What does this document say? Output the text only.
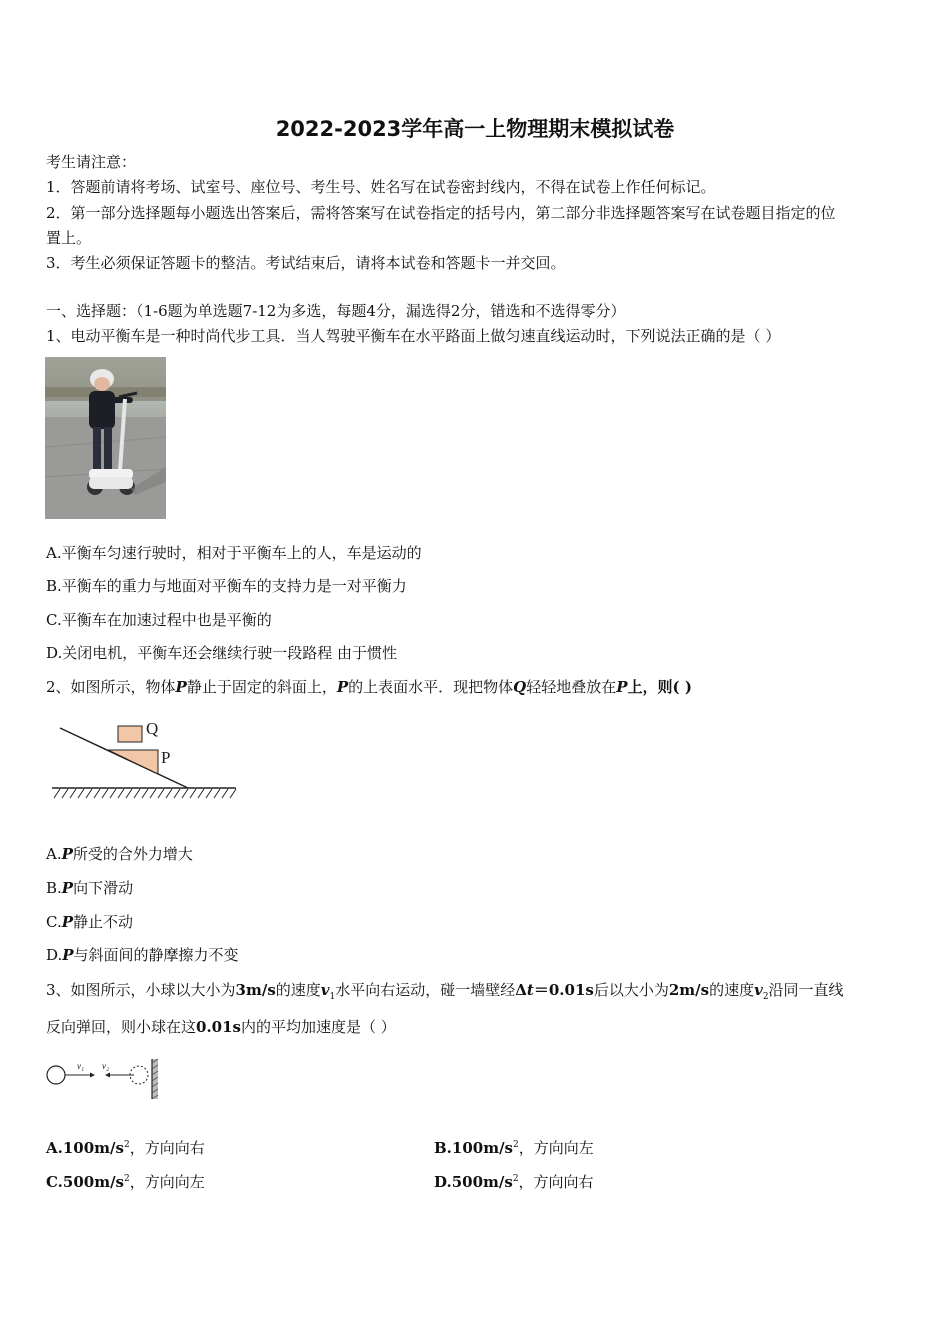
2022-2023学年高一上物理期末模拟试卷
考生请注意：
1．答题前请将考场、试室号、座位号、考生号、姓名写在试卷密封线内，不得在试卷上作任何标记。
2．第一部分选择题每小题选出答案后，需将答案写在试卷指定的括号内，第二部分非选择题答案写在试卷题目指定的位
置上。
3．考生必须保证答题卡的整洁。考试结束后，请将本试卷和答题卡一并交回。
一、选择题：（1-6题为单选题7-12为多选，每题4分，漏选得2分，错选和不选得零分）
1、电动平衡车是一种时尚代步工具．当人驾驶平衡车在水平路面上做匀速直线运动时，下列说法正确的是（ ）
A.平衡车匀速行驶时，相对于平衡车上的人，车是运动的
B.平衡车的重力与地面对平衡车的支持力是一对平衡力
C.平衡车在加速过程中也是平衡的
D.关闭电机，平衡车还会继续行驶一段路程 由于惯性
2、如图所示，物体P静止于固定的斜面上，P的上表面水平．现把物体Q轻轻地叠放在P上，则( )
Q
P
A.P所受的合外力增大
B.P向下滑动
C.P静止不动
D.P与斜面间的静摩擦力不变
3、如图所示，小球以大小为3m/s的速度$v_1$水平向右运动，碰一墙壁经Δt＝0.01s后以大小为2m/s的速度$v_2$沿同一直线
反向弹回，则小球在这0.01s内的平均加速度是（ ）
v₁ v₂
$A.100m/s^2$，方向向右	$B.100m/s^2$，方向向左
$C.500m/s^2$，方向向左	$D.500m/s^2$，方向向右
